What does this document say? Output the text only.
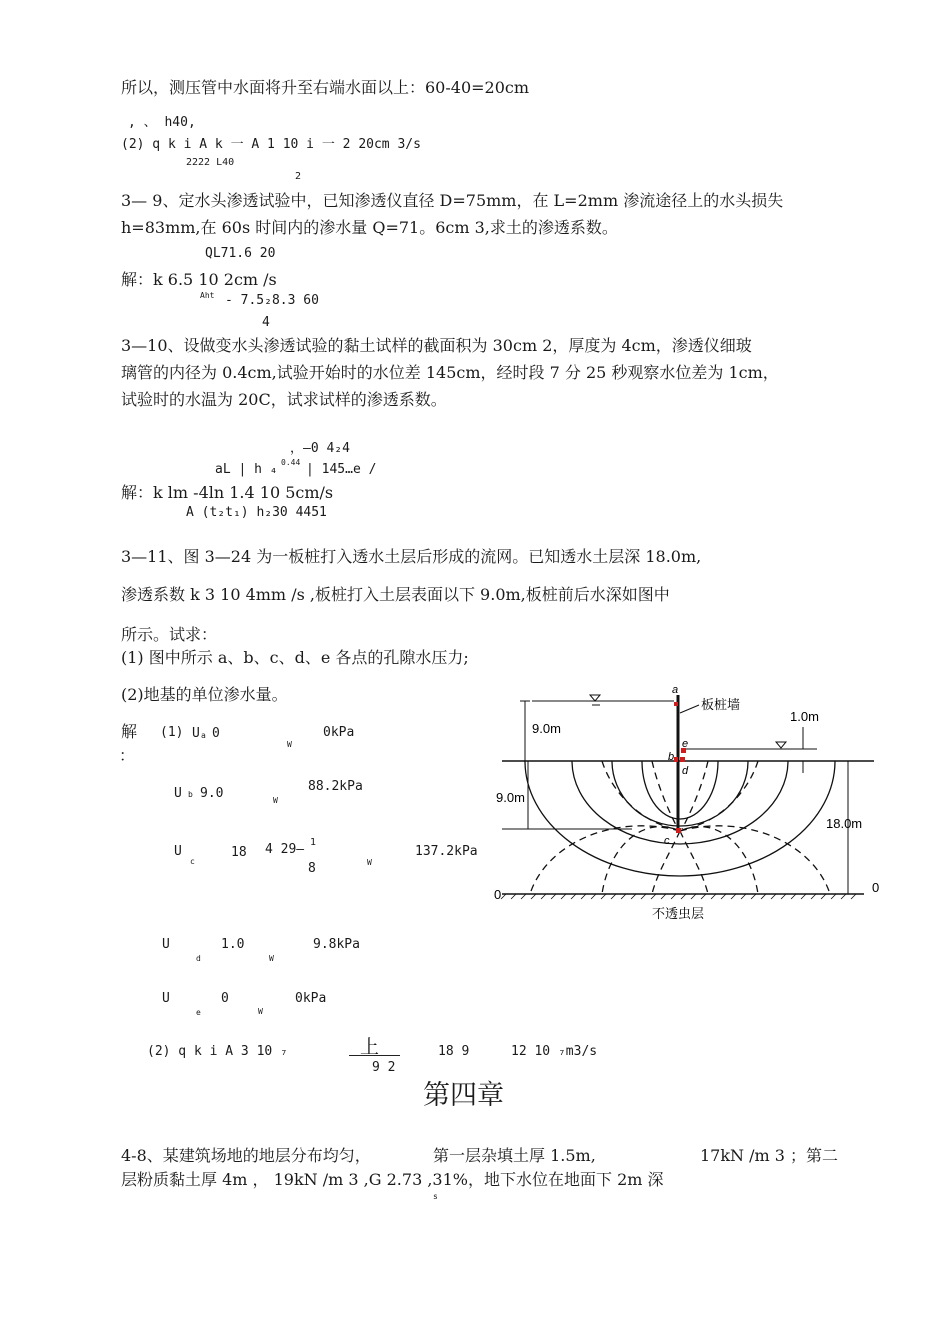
所以，测压管中水面将升至右端水面以上：60-40=20cm
, 、 h40,
(2) q k i A k 一 A 1 10 i 一 2 20cm 3/s
2222 L40
2
3— 9、定水头渗透试验中，已知渗透仪直径 D=75mm，在 L=2mm 渗流途径上的水头损失
h=83mm,在 60s 时间内的渗水量 Q=71。6cm 3,求土的渗透系数。
QL71.6 20
解：k 6.5 10 2cm /s
Aht - 7.5₂8.3 60
4
3—10、设做变水头渗透试验的黏土试样的截面积为 30cm 2，厚度为 4cm，渗透仪细玻
璃管的内径为 0.4cm,试验开始时的水位差 145cm，经时段 7 分 25 秒观察水位差为 1cm，
试验时的水温为 20C，试求试样的渗透系数。
，—0 4₂4
aL | h ₄ 0.44 | 145…e /
解：k lm -4ln 1.4 10 5cm/s
A (t₂t₁) h₂30 4451
3—11、图 3—24 为一板桩打入透水土层后形成的流网。已知透水土层深 18.0m,
渗透系数 k 3 10 4mm /s ,板桩打入土层表面以下 9.0m,板桩前后水深如图中
所示。试求：
(1) 图中所示 a、b、c、d、e 各点的孔隙水压力;
(2)地基的单位渗水量。
解
：
(1) U a 0
W
0kPa
U b 9.0	W
88.2kPa
U
c
18 4 29— 1
8	W
137.2kPa
U
d
1.0
W
9.8kPa
U
e
0
W
0kPa
(2) q k i A 3 10 ₇	上
9 2
18 9	12 10 ₇m3/s
第四章
4-8、某建筑场地的地层分布均匀，	第一层杂填土厚 1.5m,	17kN /m 3 ；第二
层粉质黏土厚 4m ， 19kN /m 3 ,G 2.73 ,31%，地下水位在地面下 2m 深
s
a
b
c
d
e
板桩墙
9.0m
1.0m
9.0m
18.0m
0	0
不透虫层
